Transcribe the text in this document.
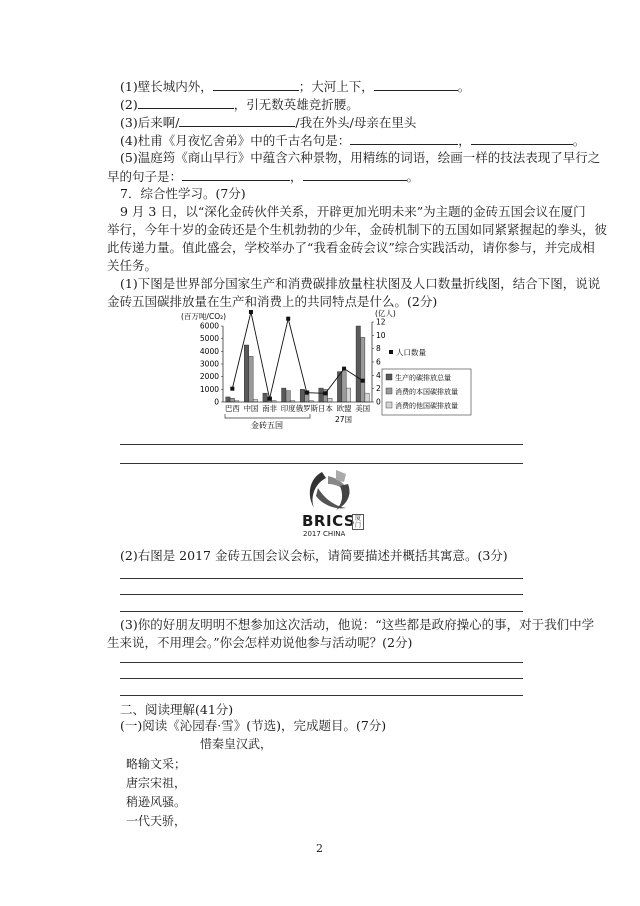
(1)壁长城内外，	；大河上下，	。
(2)	，引无数英雄竞折腰。
(3)后来啊/	/我在外头/母亲在里头
(4)杜甫《月夜忆舍弟》中的千古名句是：	，	。
(5)温庭筠《商山早行》中蕴含六种景物，用精练的词语，绘画一样的技法表现了早行之
早的句子是：	，	。
7．综合性学习。(7分)
9 月 3 日，以“深化金砖伙伴关系，开辟更加光明未来”为主题的金砖五国会议在厦门
举行，今年十岁的金砖还是个生机勃勃的少年，金砖机制下的五国如同紧紧握起的拳头，彼
此传递力量。值此盛会，学校举办了“我看金砖会议”综合实践活动，请你参与，并完成相
关任务。
(1)下图是世界部分国家生产和消费碳排放量柱状图及人口数量折线图，结合下图，说说
金砖五国碳排放量在生产和消费上的共同特点是什么。(2分)
(百万吨/CO₂)	(亿人)
0
1000
2000
3000
4000
5000
6000
0
2
4
6
8
10
12
巴西 中国 南非 印度 俄罗斯 日本 欧盟 美国
金砖五国
27国
人口数量
生产的碳排放总量
消费的本国碳排放量
消费的他国碳排放量
BRICS 厦门
2017 CHINA
(2)右图是 2017 金砖五国会议会标，请简要描述并概括其寓意。(3分)
(3)你的好朋友明明不想参加这次活动，他说：“这些都是政府操心的事，对于我们中学
生来说，不用理会。”你会怎样劝说他参与活动呢？(2分)
二、阅读理解(41分)
(一)阅读《沁园春·雪》(节选)，完成题目。(7分)
惜秦皇汉武，
略输文采；
唐宗宋祖，
稍逊风骚。
一代天骄，
2
